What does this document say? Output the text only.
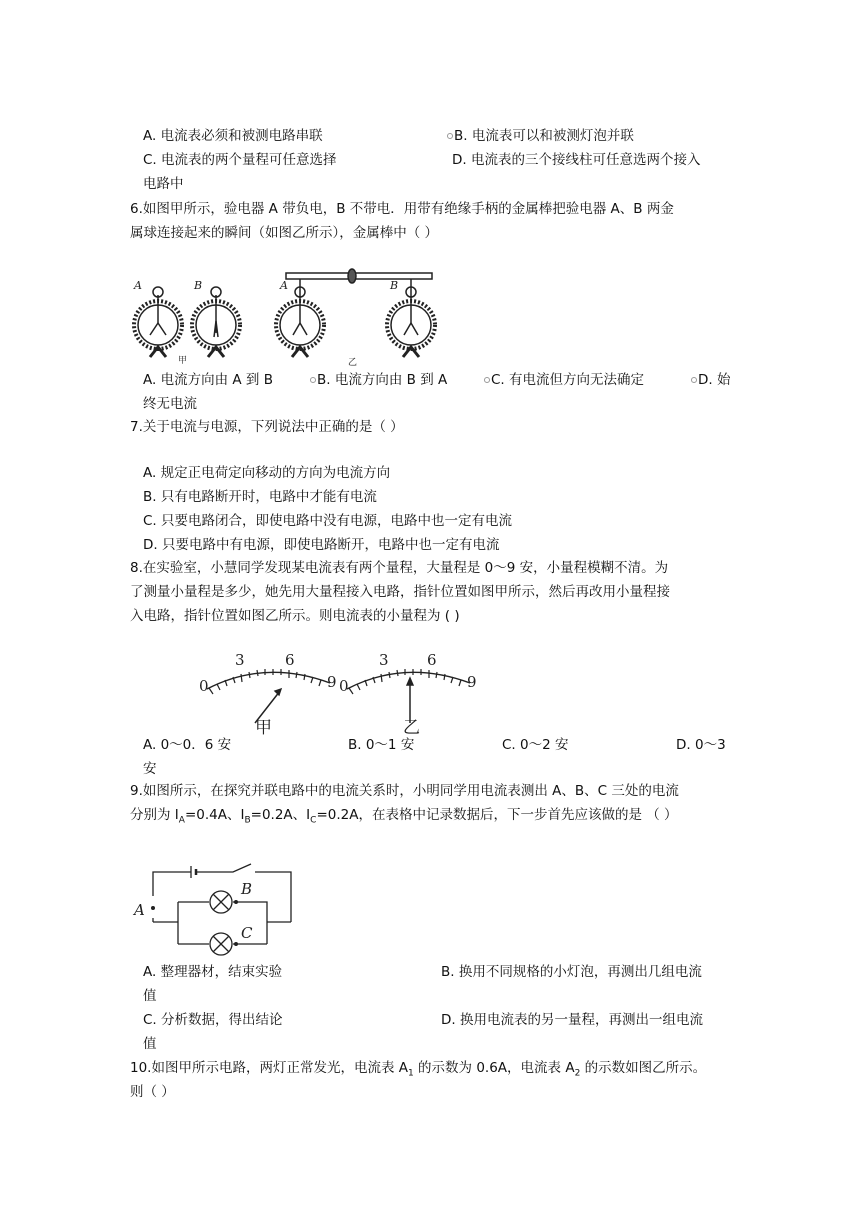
A. 电流表必须和被测电路串联	B. 电流表可以和被测灯泡并联
C. 电流表的两个量程可任意选择	D. 电流表的三个接线柱可任意选两个接入
电路中
6.如图甲所示，验电器 A 带负电，B 不带电．用带有绝缘手柄的金属棒把验电器 A、B 两金
属球连接起来的瞬间（如图乙所示），金属棒中（ ）
A	B	A	B
甲	乙
A. 电流方向由 A 到 B	B. 电流方向由 B 到 A	C. 有电流但方向无法确定	D. 始
终无电流
7.关于电流与电源，下列说法中正确的是（ ）
A. 规定正电荷定向移动的方向为电流方向
B. 只有电路断开时，电路中才能有电流
C. 只要电路闭合，即使电路中没有电源，电路中也一定有电流
D. 只要电路中有电源，即使电路断开，电路中也一定有电流
8.在实验室，小慧同学发现某电流表有两个量程，大量程是 0～9 安，小量程模糊不清。为
了测量小量程是多少，她先用大量程接入电路，指针位置如图甲所示，然后再改用小量程接
入电路，指针位置如图乙所示。则电流表的小量程为 ( )
0
3	6
9 0
3	6
9
甲	乙
A. 0～0．6 安	B. 0～1 安	C. 0～2 安	D. 0～3
安
9.如图所示，在探究并联电路中的电流关系时，小明同学用电流表测出 A、B、C 三处的电流
分别为 $I_A=0.4A$、$I_B=0.2A$、$I_C=0.2A$，在表格中记录数据后，下一步首先应该做的是 （ ）
A
B
C
A. 整理器材，结束实验	B. 换用不同规格的小灯泡，再测出几组电流
值
C. 分析数据，得出结论	D. 换用电流表的另一量程，再测出一组电流
值
10.如图甲所示电路，两灯正常发光，电流表 $A_1$ 的示数为 0.6A，电流表 $A_2$ 的示数如图乙所示。
则（ ）
